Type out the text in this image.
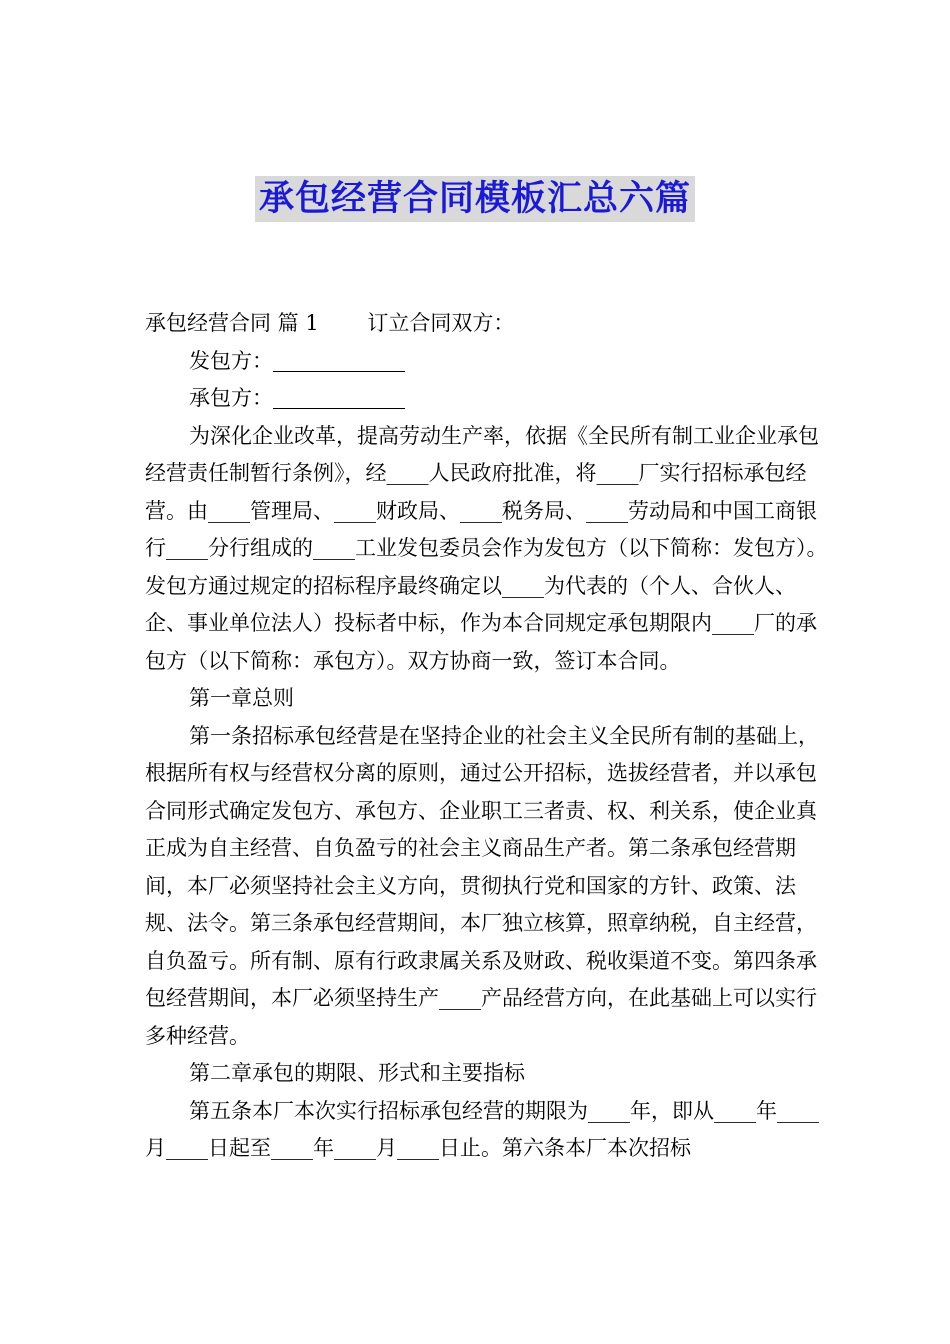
承包经营合同模板汇总六篇

承包经营合同 篇 1　　 订立合同双方：

发包方：

承包方：

为深化企业改革，提高劳动生产率，依据《全民所有制工业企业承包经营责任制暂行条例》，经____人民政府批准，将____厂实行招标承包经营。由____管理局、____财政局、____税务局、____劳动局和中国工商银行____分行组成的____工业发包委员会作为发包方（以下简称：发包方）。发包方通过规定的招标程序最终确定以____为代表的（个人、合伙人、企、事业单位法人）投标者中标，作为本合同规定承包期限内____厂的承包方（以下简称：承包方）。双方协商一致，签订本合同。

第一章总则

第一条招标承包经营是在坚持企业的社会主义全民所有制的基础上，根据所有权与经营权分离的原则，通过公开招标，选拔经营者，并以承包合同形式确定发包方、承包方、企业职工三者责、权、利关系，使企业真正成为自主经营、自负盈亏的社会主义商品生产者。第二条承包经营期间，本厂必须坚持社会主义方向，贯彻执行党和国家的方针、政策、法规、法令。第三条承包经营期间，本厂独立核算，照章纳税，自主经营，自负盈亏。所有制、原有行政隶属关系及财政、税收渠道不变。第四条承包经营期间，本厂必须坚持生产____产品经营方向，在此基础上可以实行多种经营。

第二章承包的期限、形式和主要指标

第五条本厂本次实行招标承包经营的期限为____年，即从____年____月____日起至____年____月____日止。第六条本厂本次招标
